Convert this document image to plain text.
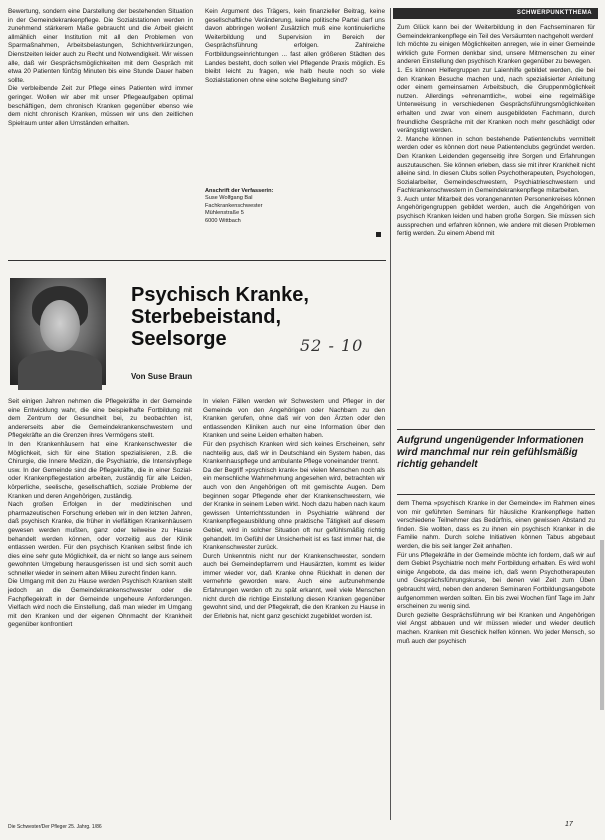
Bewertung, sondern eine Darstellung der bestehenden Situation in der Gemeindekrankenpflege. Die Sozialstationen werden in zunehmend stärkerem Maße gebraucht und die Arbeit gleicht allmählich einer Institution mit all den Problemen von Sparmaßnahmen, Arbeitsbelastungen, Schichtverkürzungen, Dienstzeiten leider auch zu Recht und Notwendigkeit. Wir wissen alle, daß wir Gesprächsmöglichkeiten mit dem Gespräch mit etwa 20 Patienten fünfzig Minuten bis eine Stunde Dauer haben sollte.

Die verbleibende Zeit zur Pflege eines Patienten wird immer geringer. Wollen wir aber mit unser Pflegeaufgaben optimal beschäftigen, dem chronisch Kranken gegenüber ebenso wie dem nicht chronisch Kranken, müssen wir uns den zeitlichen Spielraum unter allen Umständen erhalten.

Kein Argument des Trägers, kein finanzieller Beitrag, keine gesellschaftliche Veränderung, keine politische Partei darf uns davon abbringen wollen! Zusätzlich muß eine kontinuierliche Weiterbildung und Supervision im Bereich der Gesprächsführung erfolgen. Zahlreiche Fortbildungseinrichtungen ... fast allen größeren Städten des Landes besteht, doch sollen viel Pflegende Praxis möglich. Es bleibt leicht zu fragen, wie halb heute noch so viele Sozialstationen ohne eine solche Begleitung sind?

Anschrift der Verfasserin:
Suse Wolfgang Bal
Fachkrankenschwester
Mühlenstraße 5
6000 Wittbach
SCHWERPUNKTTHEMA

Zum Glück kann bei der Weiterbildung in den Fachseminaren für Gemeindekrankenpflege ein Teil des Versäumten nachgeholt werden!

Ich möchte zu einigen Möglichkeiten anregen, wie in einer Gemeinde wirklich gute Formen denkbar sind, unsere Mitmenschen zu einer anderen Einstellung den psychisch Kranken gegenüber zu bewegen.

1. Es können Helfergruppen zur Laienhilfe gebildet werden, die bei den Kranken Besuche machen und, nach spezialisierter Anleitung oder einem gemeinsamen Arbeitsbuch, die Gruppenmöglichkeit nutzen. Allerdings »ehrenamtlich«, wobei eine regelmäßige Unterweisung in verschiedenen Gesprächsführungsmöglichkeiten erhalten und zwar von einem ausgebildeten Fachmann, durch freundliche Gespräche mit der Kranken noch mehr geschädigt oder verängstigt werden.

2. Manche können in schon bestehende Patientenclubs vermittelt werden oder es können dort neue Patientenclubs gegründet werden. Den Kranken Leidenden gegenseitig ihre Sorgen und Erfahrungen auszutauschen. Sie können erleben, dass sie mit ihrer Krankheit nicht alleine sind. In diesen Clubs sollen Psychotherapeuten, Psychologen, Sozialarbeiter, Gemeindeschwestern, Psychiatrieschwestern und Fachkrankenschwestern in Gemeindekrankenpflege mitarbeiten.

3. Auch unter Mitarbeit des vorangenannten Personenkreises können Angehörigengruppen gebildet werden, auch die Angehörigen von psychisch Kranken leiden und haben große Sorgen. Sie müssen sich aussprechen und erfahren können, wie andere mit diesen Problemen fertig werden. Zu einem Abend mit

Aufgrund ungenügender Informationen wird manchmal nur rein gefühlsmäßig richtig gehandelt

dem Thema »psychisch Kranke in der Gemeinde« im Rahmen eines von mir geführten Seminars für häusliche Krankenpflege hatten verschiedene Teilnehmer das Bedürfnis, einen gewissen Abstand zu finden. Sie wollten, dass es zu ihnen ein psychisch Kranker in die Familie nahm. Durch solche Initiativen können Tabus abgebaut werden, die bis seit langer Zeit anhaften.

Für uns Pflegekräfte in der Gemeinde möchte ich fordern, daß wir auf dem Gebiet Psychiatrie noch mehr Fortbildung erhalten. Es wird wohl einige Angebote, da das meine ich, daß wenn Psychotherapeuten und Gesprächsführungskurse, bei denen viel Zeit zum Üben gebraucht wird, neben den anderen Seminaren Fortbildungsangebote aufgenommen werden sollten. Ein bis zwei Wochen fünf Tage im Jahr erscheinen zu wenig sind.

Durch gezielte Gesprächsführung wir bei Kranken und Angehörigen viel Angst abbauen und wir müssen wieder und wieder deutlich machen. Kranken mit Geschick helfen können. Wo jeder Mensch, so muß auch der psychisch

Psychisch Kranke,
Sterbebeistand,
Seelsorge	52 - 10
Von Suse Braun

Seit einigen Jahren nehmen die Pflegekräfte in der Gemeinde eine Entwicklung wahr, die eine beispielhafte Fortbildung mit dem Zentrum der Gesundheit bei, zu beobachten ist, andererseits aber die Gemeindekrankenschwestern und Pflegekräfte an die Grenzen ihres Vermögens stellt.

In den Krankenhäusern hat eine Krankenschwester die Möglichkeit, sich für eine Station spezialisieren, z.B. die Chirurgie, die Innere Medizin, die Psychiatrie, die Intensivpflege usw. In der Gemeinde sind die Pflegekräfte, die in einer Sozial- oder Krankenpflegestation arbeiten, zuständig für alle Leiden, körperliche, seelische, gesellschaftlich, soziale Probleme der Kranken und deren Angehörigen, zuständig.

Nach großen Erfolgen in der medizinischen und pharmazeutischen Forschung erleben wir in den letzten Jahren, daß psychisch Kranke, die früher in vielfältigen Krankenhäusern gewesen werden mußten, ganz oder teilweise zu Hause behandelt werden können, oder vorzeitig aus der Klinik entlassen werden. Für den psychisch Kranken selbst finde ich dies eine sehr gute Möglichkeit, da er nicht so lange aus seinem gewohnten Umgebung herausgerissen ist und sich somit auch schneller wieder in seinem alten Milieu zurecht finden kann.

Die Umgang mit den zu Hause werden Psychisch Kranken stellt jedoch an die Gemeindekrankenschwester oder die Fachpflegekraft in der Gemeinde ungeheure Anforderungen. Vielfach wird noch die Einstellung, daß man wieder im Umgang mit den Kranken und der eigenen Ohnmacht der Krankheit gegenüber konfrontiert

In vielen Fällen werden wir Schwestern und Pfleger in der Gemeinde von den Angehörigen oder Nachbarn zu den Kranken gerufen, ohne daß wir von den Ärzten oder den entlassenden Kliniken auch nur eine Information über den Kranken und seine Leiden erhalten haben.

Für den psychisch Kranken wird sich keines Erscheinen, sehr nachteilig aus, daß wir in Deutschland ein System haben, das Krankenhauspflege und ambulante Pflege voneinander trennt.

Da der Begriff »psychisch krank« bei vielen Menschen noch als ein menschliche Wahrnehmung angesehen wird, betrachten wir auch von den Angehörigen oft mit gemischte Augen. Dem beginnen sogar Pflegende eher der Krankenschwestern, wie der Kranke in seinem Leben wirkt. Noch dazu haben nach kaum gewissen Unterrichtsstunden in Psychiatrie während der Krankenpflegeausbildung ohne praktische Tätigkeit auf diesem Gebiet, wird in solcher Situation oft nur gefühlsmäßig richtig gehandelt. Im Gefühl der Unsicherheit ist es fast immer hat, die Krankenschwester zurück.

Durch Unkenntnis nicht nur der Krankenschwester, sondern auch bei Gemeindepfarrern und Hausärzten, kommt es leider immer wieder vor, daß Kranke ohne Rückhalt in denen der vermehrte geworden ware. Auch eine aufzunehmende Erfahrungen werden oft zu spät erkannt, weil viele Menschen nicht durch die richtige Einstellung diesen Kranken gegenüber gewohnt sind, und der Pflegekraft, die den Kranken zu Hause in der Erlebnis hat, nicht ganz geschickt zugebildet worden ist.

Die Schwester/Der Pfleger 25. Jahrg. 1/86	17
